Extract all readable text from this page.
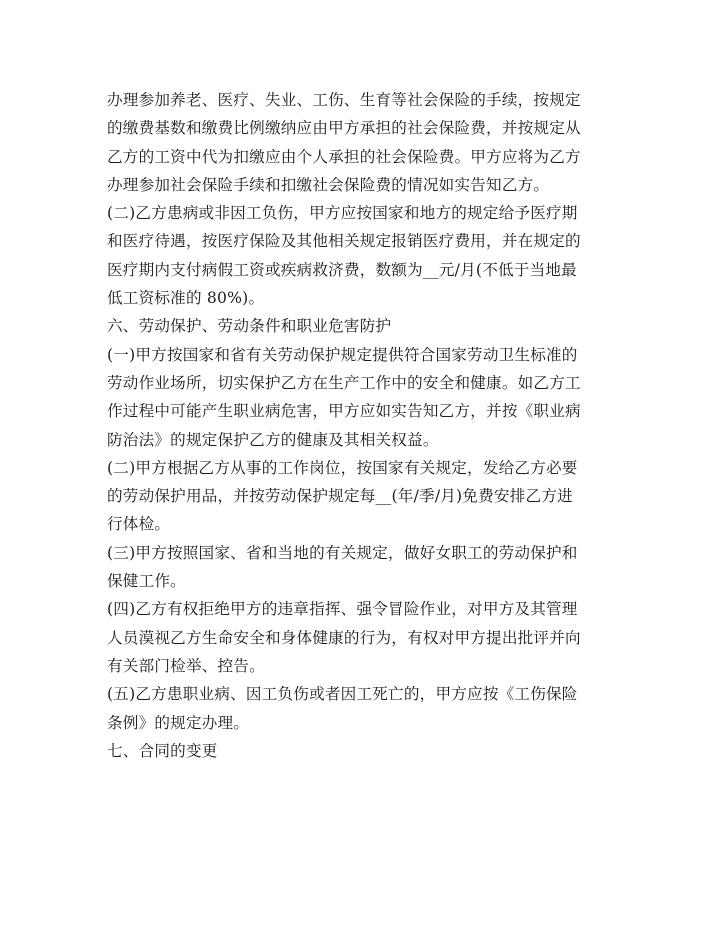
办理参加养老、医疗、失业、工伤、生育等社会保险的手续，按规定
的缴费基数和缴费比例缴纳应由甲方承担的社会保险费，并按规定从
乙方的工资中代为扣缴应由个人承担的社会保险费。甲方应将为乙方
办理参加社会保险手续和扣缴社会保险费的情况如实告知乙方。
(二)乙方患病或非因工负伤，甲方应按国家和地方的规定给予医疗期
和医疗待遇，按医疗保险及其他相关规定报销医疗费用，并在规定的
医疗期内支付病假工资或疾病救济费，数额为__元/月(不低于当地最
低工资标准的 80%)。
六、劳动保护、劳动条件和职业危害防护
(一)甲方按国家和省有关劳动保护规定提供符合国家劳动卫生标准的
劳动作业场所，切实保护乙方在生产工作中的安全和健康。如乙方工
作过程中可能产生职业病危害，甲方应如实告知乙方，并按《职业病
防治法》的规定保护乙方的健康及其相关权益。
(二)甲方根据乙方从事的工作岗位，按国家有关规定，发给乙方必要
的劳动保护用品，并按劳动保护规定每__(年/季/月)免费安排乙方进
行体检。
(三)甲方按照国家、省和当地的有关规定，做好女职工的劳动保护和
保健工作。
(四)乙方有权拒绝甲方的违章指挥、强令冒险作业，对甲方及其管理
人员漠视乙方生命安全和身体健康的行为，有权对甲方提出批评并向
有关部门检举、控告。
(五)乙方患职业病、因工负伤或者因工死亡的，甲方应按《工伤保险
条例》的规定办理。
七、合同的变更
